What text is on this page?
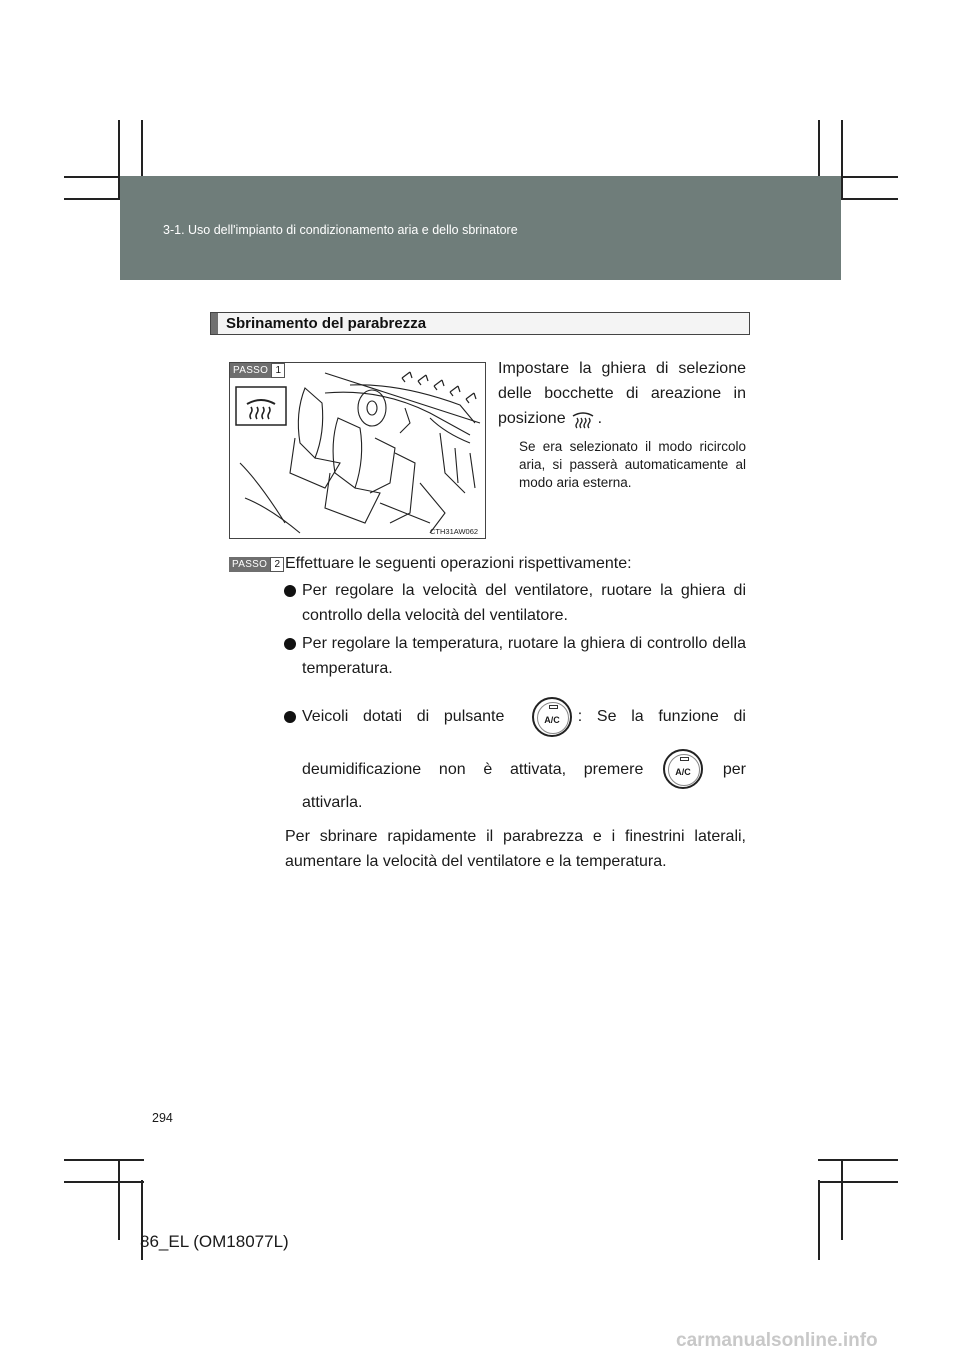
3-1. Uso dell'impianto di condizionamento aria e dello sbrinatore
Sbrinamento del parabrezza
PASSO 1
CTH31AW062
Impostare la ghiera di selezione
delle bocchette di areazione in
posizione .
Se era selezionato il modo ricircolo aria, si passerà automaticamente al modo aria esterna.
PASSO 2 Effettuare le seguenti operazioni rispettivamente:
Per regolare la velocità del ventilatore, ruotare la ghiera di controllo della velocità del ventilatore.
Per regolare la temperatura, ruotare la ghiera di controllo della temperatura.
Veicoli dotati di pulsante	: Se la funzione di
A/C
deumidificazione non è attivata, premere	per
A/C
attivarla.
Per sbrinare rapidamente il parabrezza e i finestrini laterali, aumentare la velocità del ventilatore e la temperatura.
294
86_EL (OM18077L)
carmanualsonline.info
